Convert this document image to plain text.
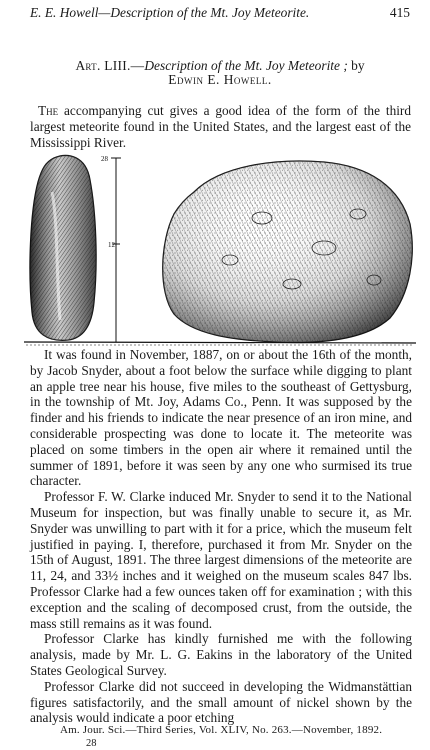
E. E. Howell—Description of the Mt. Joy Meteorite.	415
Art. LIII.—Description of the Mt. Joy Meteorite ; by
Edwin E. Howell.
The accompanying cut gives a good idea of the form of the third largest meteorite found in the United States, and the largest east of the Mississippi River.
28
12

It was found in November, 1887, on or about the 16th of the month, by Jacob Snyder, about a foot below the surface while digging to plant an apple tree near his house, five miles to the southeast of Gettysburg, in the township of Mt. Joy, Adams Co., Penn. It was supposed by the finder and his friends to indicate the near presence of an iron mine, and considerable prospecting was done to locate it. The meteorite was placed on some timbers in the open air where it remained until the summer of 1891, before it was seen by any one who surmised its true character.

Professor F. W. Clarke induced Mr. Snyder to send it to the National Museum for inspection, but was finally unable to secure it, as Mr. Snyder was unwilling to part with it for a price, which the museum felt justified in paying. I, therefore, purchased it from Mr. Snyder on the 15th of August, 1891. The three largest dimensions of the meteorite are 11, 24, and 33½ inches and it weighed on the museum scales 847 lbs. Professor Clarke had a few ounces taken off for examination ; with this exception and the scaling of decomposed crust, from the outside, the mass still remains as it was found.

Professor Clarke has kindly furnished me with the following analysis, made by Mr. L. G. Eakins in the laboratory of the United States Geological Survey.

Professor Clarke did not succeed in developing the Widmanstättian figures satisfactorily, and the small amount of nickel shown by the analysis would indicate a poor etching

Am. Jour. Sci.—Third Series, Vol. XLIV, No. 263.—November, 1892.
28
